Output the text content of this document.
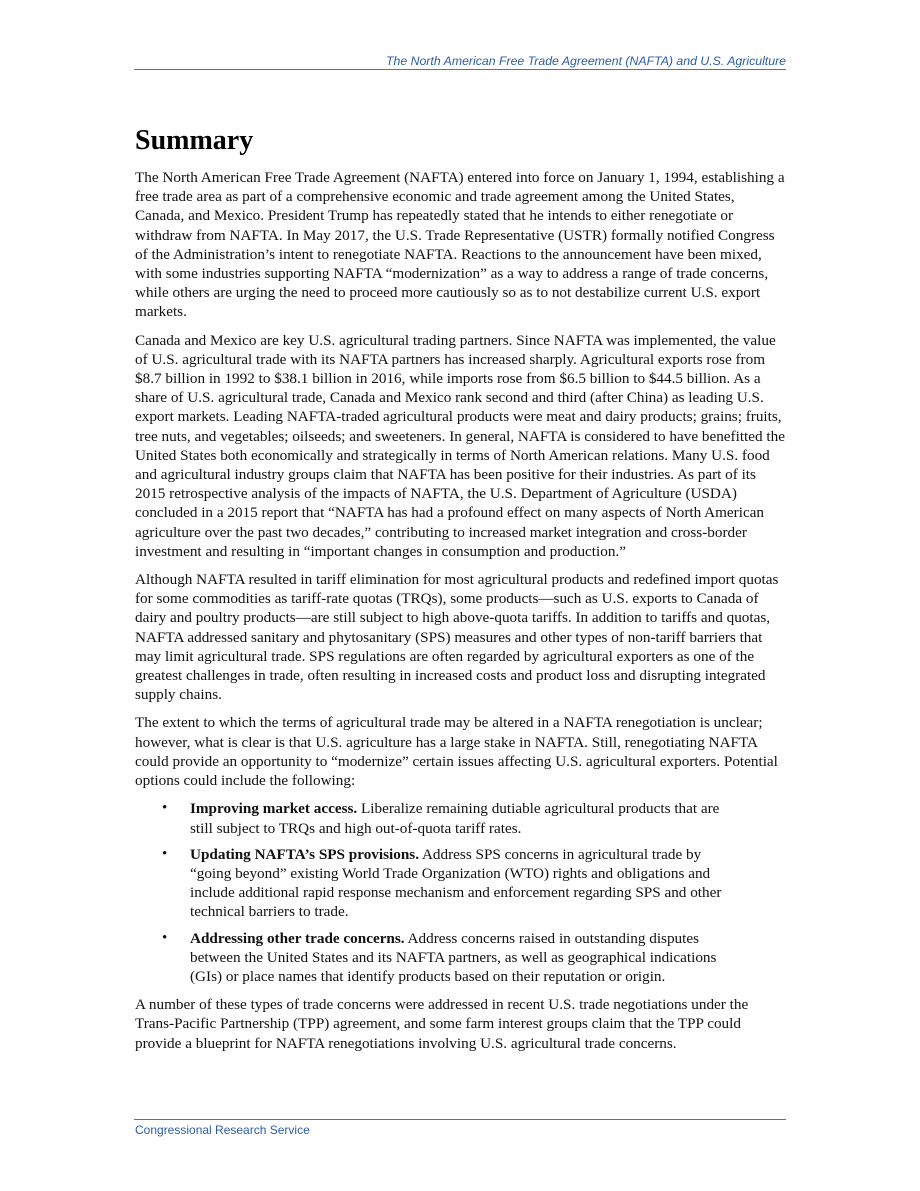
The North American Free Trade Agreement (NAFTA) and U.S. Agriculture
Summary

The North American Free Trade Agreement (NAFTA) entered into force on January 1, 1994, establishing a free trade area as part of a comprehensive economic and trade agreement among the United States, Canada, and Mexico. President Trump has repeatedly stated that he intends to either renegotiate or withdraw from NAFTA. In May 2017, the U.S. Trade Representative (USTR) formally notified Congress of the Administration’s intent to renegotiate NAFTA. Reactions to the announcement have been mixed, with some industries supporting NAFTA “modernization” as a way to address a range of trade concerns, while others are urging the need to proceed more cautiously so as to not destabilize current U.S. export markets.

Canada and Mexico are key U.S. agricultural trading partners. Since NAFTA was implemented, the value of U.S. agricultural trade with its NAFTA partners has increased sharply. Agricultural exports rose from $8.7 billion in 1992 to $38.1 billion in 2016, while imports rose from $6.5 billion to $44.5 billion. As a share of U.S. agricultural trade, Canada and Mexico rank second and third (after China) as leading U.S. export markets. Leading NAFTA-traded agricultural products were meat and dairy products; grains; fruits, tree nuts, and vegetables; oilseeds; and sweeteners. In general, NAFTA is considered to have benefitted the United States both economically and strategically in terms of North American relations. Many U.S. food and agricultural industry groups claim that NAFTA has been positive for their industries. As part of its 2015 retrospective analysis of the impacts of NAFTA, the U.S. Department of Agriculture (USDA) concluded in a 2015 report that “NAFTA has had a profound effect on many aspects of North American agriculture over the past two decades,” contributing to increased market integration and cross-border investment and resulting in “important changes in consumption and production.”

Although NAFTA resulted in tariff elimination for most agricultural products and redefined import quotas for some commodities as tariff-rate quotas (TRQs), some products—such as U.S. exports to Canada of dairy and poultry products—are still subject to high above-quota tariffs. In addition to tariffs and quotas, NAFTA addressed sanitary and phytosanitary (SPS) measures and other types of non-tariff barriers that may limit agricultural trade. SPS regulations are often regarded by agricultural exporters as one of the greatest challenges in trade, often resulting in increased costs and product loss and disrupting integrated supply chains.

The extent to which the terms of agricultural trade may be altered in a NAFTA renegotiation is unclear; however, what is clear is that U.S. agriculture has a large stake in NAFTA. Still, renegotiating NAFTA could provide an opportunity to “modernize” certain issues affecting U.S. agricultural exporters. Potential options could include the following:

• Improving market access. Liberalize remaining dutiable agricultural products that are still subject to TRQs and high out-of-quota tariff rates.
• Updating NAFTA’s SPS provisions. Address SPS concerns in agricultural trade by “going beyond” existing World Trade Organization (WTO) rights and obligations and include additional rapid response mechanism and enforcement regarding SPS and other technical barriers to trade.
• Addressing other trade concerns. Address concerns raised in outstanding disputes between the United States and its NAFTA partners, as well as geographical indications (GIs) or place names that identify products based on their reputation or origin.

A number of these types of trade concerns were addressed in recent U.S. trade negotiations under the Trans-Pacific Partnership (TPP) agreement, and some farm interest groups claim that the TPP could provide a blueprint for NAFTA renegotiations involving U.S. agricultural trade concerns.

Congressional Research Service
